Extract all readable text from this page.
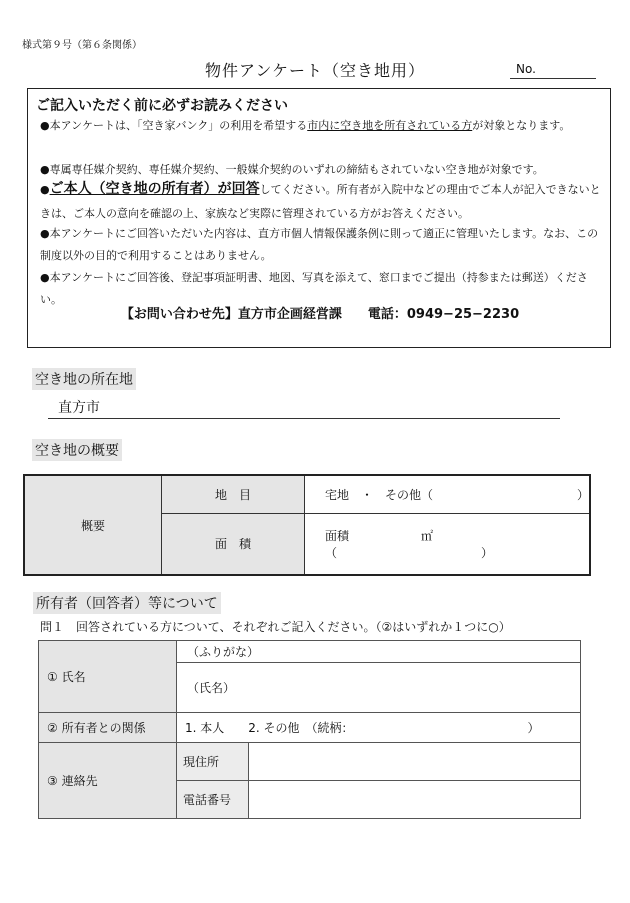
様式第９号（第６条関係）
物件アンケート（空き地用）	No.
ご記入いただく前に必ずお読みください
●本アンケートは、「空き家バンク」の利用を希望する市内に空き地を所有されている方が対象となります。
●専属専任媒介契約、専任媒介契約、一般媒介契約のいずれの締結もされていない空き地が対象です。
●ご本人（空き地の所有者）が回答してください。所有者が入院中などの理由でご本人が記入できないときは、ご本人の意向を確認の上、家族など実際に管理されている方がお答えください。
●本アンケートにご回答いただいた内容は、直方市個人情報保護条例に則って適正に管理いたします。なお、この制度以外の目的で利用することはありません。
●本アンケートにご回答後、登記事項証明書、地図、写真を添えて、窓口までご提出（持参または郵送）ください。
【お問い合わせ先】直方市企画経営課 電話：0949−25−2230
空き地の所在地
直方市
空き地の概要
概要	地　目	宅地　・　その他（　　　　　　　　　　　　）
	面　積	面積　　　　　　㎡（　　　　　　　　　　　　）
所有者（回答者）等について
問１　回答されている方について、それぞれご記入ください。（②はいずれか１つに○）
① 氏名	（ふりがな）	
	（氏名）	
② 所有者との関係	1. 本人　　2. その他　（続柄：　　　　　　　　　　　　　　　）	
③ 連絡先	現住所	
	電話番号	
